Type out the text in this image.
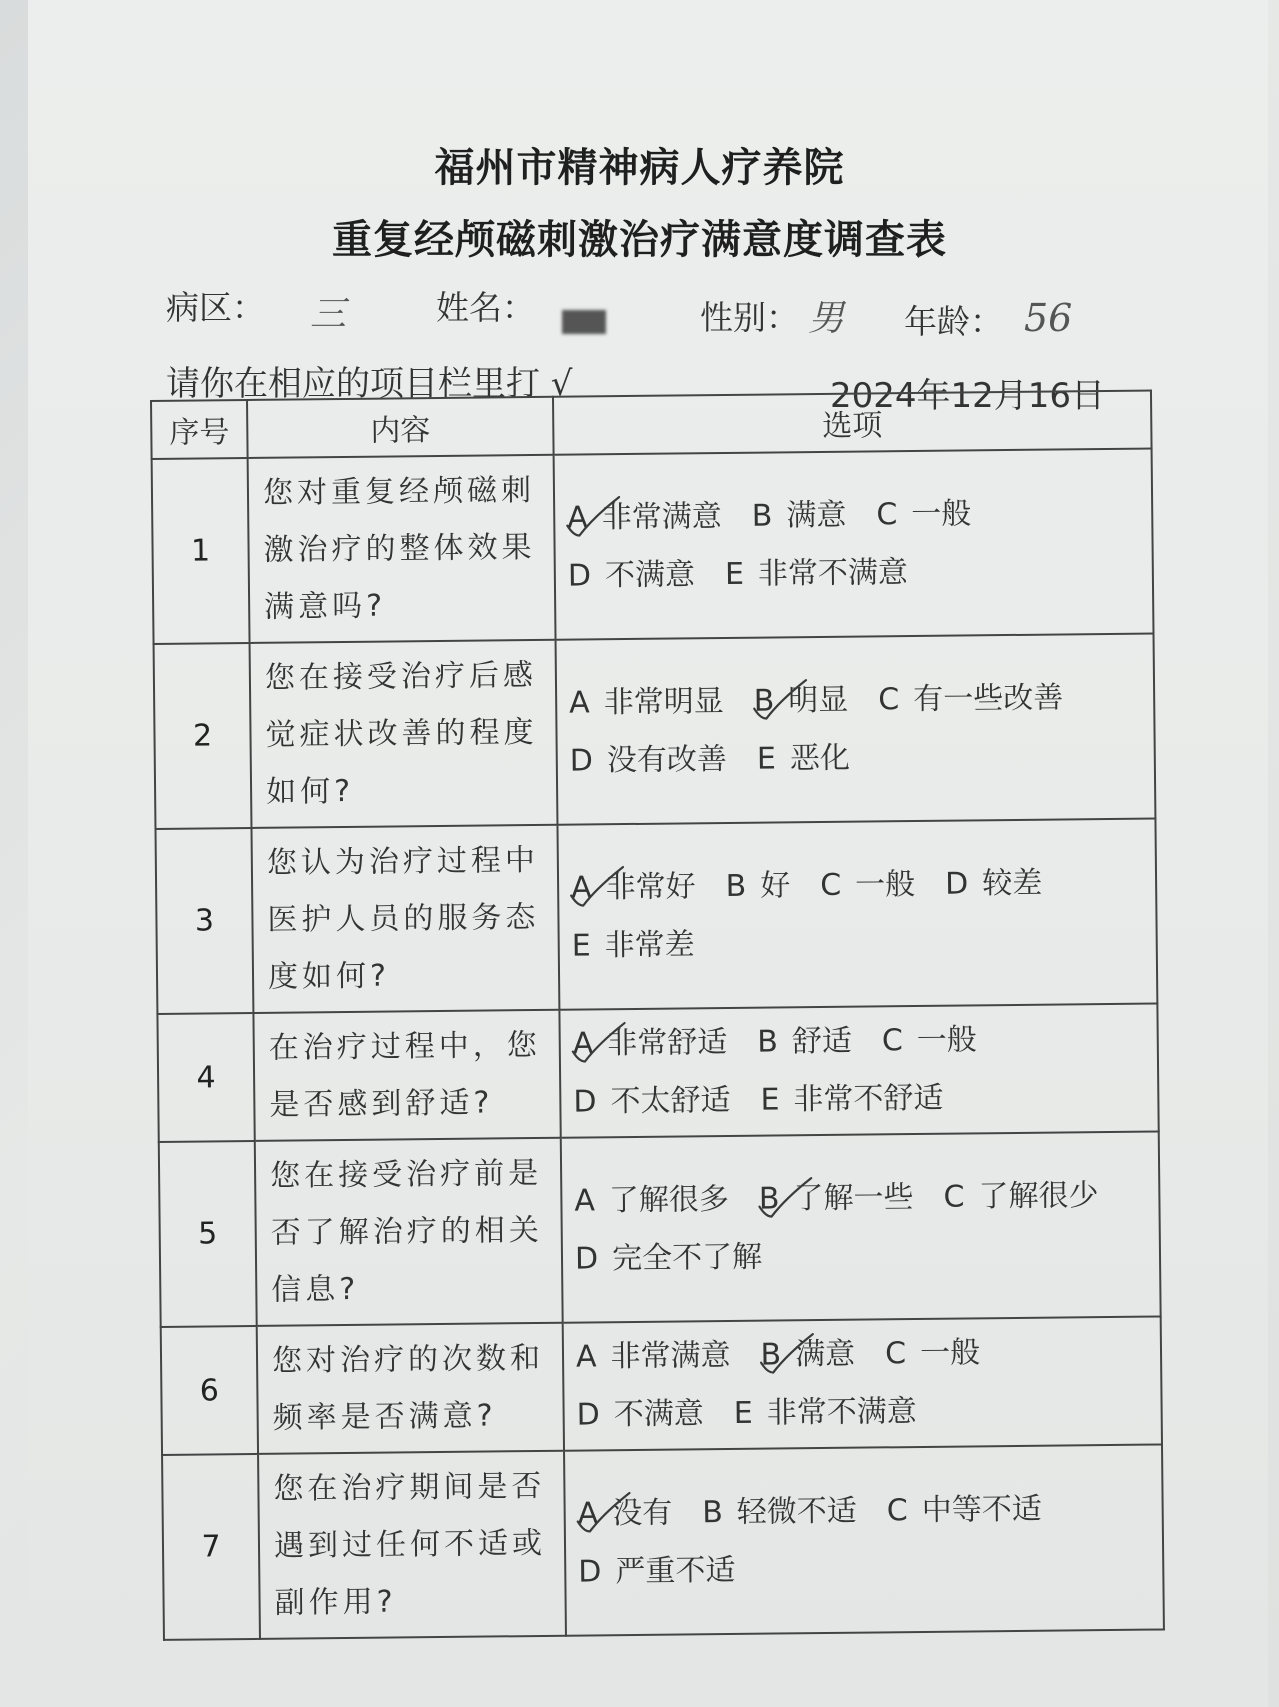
福州市精神病人疗养院
重复经颅磁刺激治疗满意度调查表
病区： 三	姓名：	性别： 男 年龄： 56
请你在相应的项目栏里打 √	2024年12月16日
序号	内容	选项
1	您对重复经颅磁刺激治疗的整体效果满意吗?	A 非常满意 B 满意 C 一般
D 不满意 E 非常不满意

2	您在接受治疗后感觉症状改善的程度如何?	A 非常明显 B 明显 C 有一些改善
D 没有改善 E 恶化

3	您认为治疗过程中医护人员的服务态度如何?	A 非常好 B 好 C 一般 D 较差
E 非常差

4	在治疗过程中，您是否感到舒适?	A 非常舒适 B 舒适 C 一般
D 不太舒适 E 非常不舒适

5	您在接受治疗前是否了解治疗的相关信息?	A 了解很多 B 了解一些 C 了解很少
D 完全不了解

6	您对治疗的次数和频率是否满意?	A 非常满意 B 满意 C 一般
D 不满意 E 非常不满意

7	您在治疗期间是否遇到过任何不适或副作用?	A 没有 B 轻微不适 C 中等不适
D 严重不适
